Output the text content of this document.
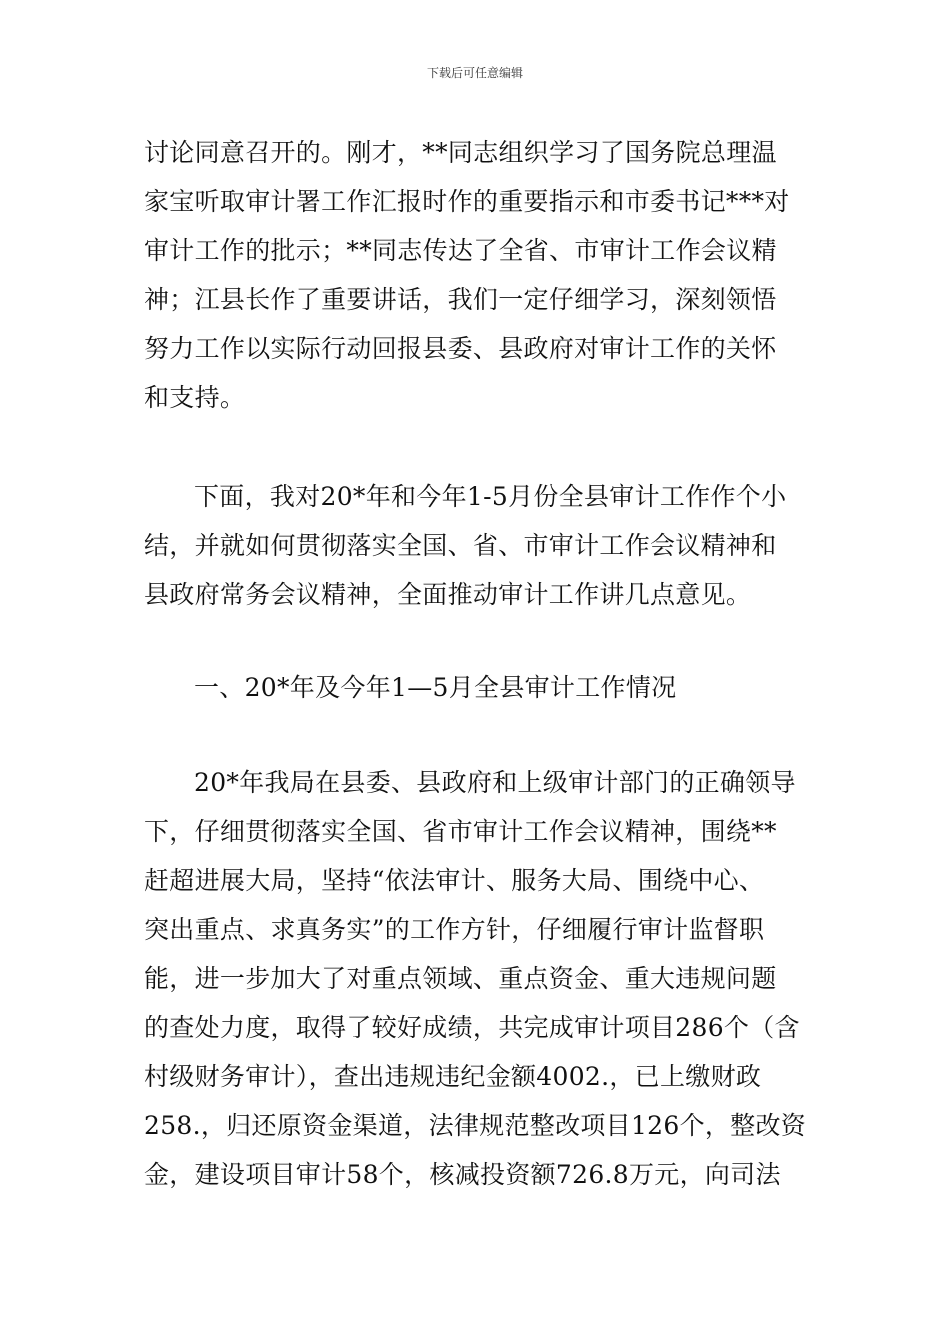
下载后可任意编辑
讨论同意召开的。刚才，**同志组织学习了国务院总理温
家宝听取审计署工作汇报时作的重要指示和市委书记***对
审计工作的批示；**同志传达了全省、市审计工作会议精
神；江县长作了重要讲话，我们一定仔细学习，深刻领悟
努力工作以实际行动回报县委、县政府对审计工作的关怀
和支持。
下面，我对20*年和今年1-5月份全县审计工作作个小
结，并就如何贯彻落实全国、省、市审计工作会议精神和
县政府常务会议精神，全面推动审计工作讲几点意见。
一、20*年及今年1—5月全县审计工作情况
20*年我局在县委、县政府和上级审计部门的正确领导
下，仔细贯彻落实全国、省市审计工作会议精神，围绕**
赶超进展大局，坚持“依法审计、服务大局、围绕中心、
突出重点、求真务实”的工作方针，仔细履行审计监督职
能，进一步加大了对重点领域、重点资金、重大违规问题
的查处力度，取得了较好成绩，共完成审计项目286个（含
村级财务审计），查出违规违纪金额4002.，已上缴财政
258.，归还原资金渠道，法律规范整改项目126个，整改资
金，建设项目审计58个，核减投资额726.8万元，向司法
